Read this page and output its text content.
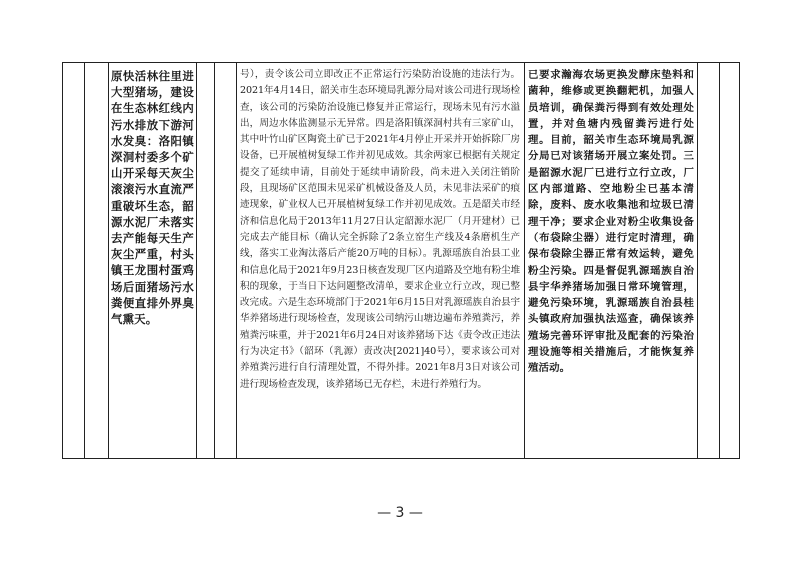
原快活林往里进大型猪场，建设在生态林红线内污水排放下游河水发臭：洛阳镇深洞村委多个矿山开采每天灰尘滚滚污水直流严重破坏生态，韶源水泥厂未落实去产能每天生产灰尘严重，村头镇王龙围村蛋鸡场后面猪场污水粪便直排外界臭气熏天。
号），责令该公司立即改正不正常运行污染防治设施的违法行为。2021年4月14日，韶关市生态环境局乳源分局对该公司进行现场检查，该公司的污染防治设施已修复并正常运行，现场未见有污水溢出，周边水体监测显示无异常。四是洛阳镇深洞村共有三家矿山，其中叶竹山矿区陶瓷土矿已于2021年4月停止开采并开始拆除厂房设备，已开展植树复绿工作并初见成效。其余两家已根据有关规定提交了延续申请，目前处于延续申请阶段，尚未进入关闭注销阶段，且现场矿区范围未见采矿机械设备及人员，未见非法采矿的痕迹现象，矿业权人已开展植树复绿工作并初见成效。五是韶关市经济和信息化局于2013年11月27日认定韶源水泥厂（月开建材）已完成去产能目标（确认完全拆除了2条立窑生产线及4条磨机生产线，落实工业淘汰落后产能20万吨的目标）。乳源瑶族自治县工业和信息化局于2021年9月23日核查发现厂区内道路及空地有粉尘堆积的现象，于当日下达问题整改清单，要求企业立行立改，现已整改完成。六是生态环境部门于2021年6月15日对乳源瑶族自治县宇华养猪场进行现场检查，发现该公司纳污山塘边遍布养殖粪污，养殖粪污味重，并于2021年6月24日对该养猪场下达《责令改正违法行为决定书》（韶环（乳源）责改决[2021]40号），要求该公司对养殖粪污进行自行清理处置，不得外排。2021年8月3日对该公司进行现场检查发现，该养猪场已无存栏，未进行养殖行为。
已要求瀚海农场更换发酵床垫料和菌种，维修或更换翻耙机，加强人员培训，确保粪污得到有效处理处置，并对鱼塘内残留粪污进行处理。目前，韶关市生态环境局乳源分局已对该猪场开展立案处罚。三是韶源水泥厂已进行立行立改，厂区内部道路、空地粉尘已基本清除，废料、废水收集池和垃圾已清理干净；要求企业对粉尘收集设备（布袋除尘器）进行定时清理，确保布袋除尘器正常有效运转，避免粉尘污染。四是督促乳源瑶族自治县宇华养猪场加强日常环境管理，避免污染环境，乳源瑶族自治县桂头镇政府加强执法巡查，确保该养殖场完善环评审批及配套的污染治理设施等相关措施后，才能恢复养殖活动。
— 3 —
